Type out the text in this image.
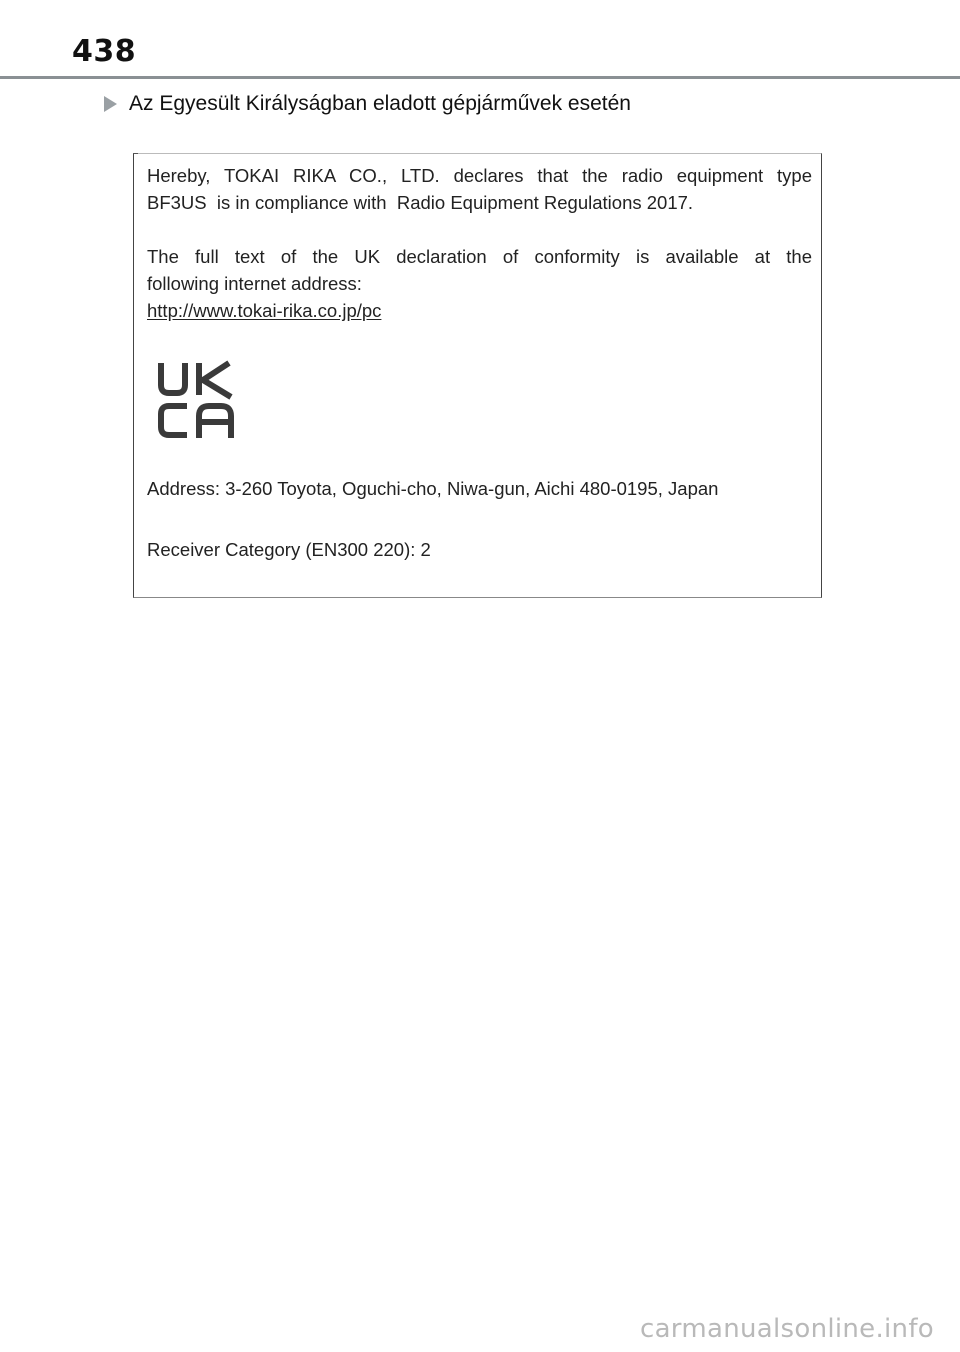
438
Az Egyesült Királyságban eladott gépjárművek esetén

Hereby, TOKAI RIKA CO., LTD. declares that the radio equipment type
BF3US  is in compliance with  Radio Equipment Regulations 2017.

The full text of the UK declaration of conformity is available at the
following internet address:
http://www.tokai-rika.co.jp/pc

Address: 3-260 Toyota, Oguchi-cho, Niwa-gun, Aichi 480-0195, Japan
Receiver Category (EN300 220): 2
carmanualsonline.info
